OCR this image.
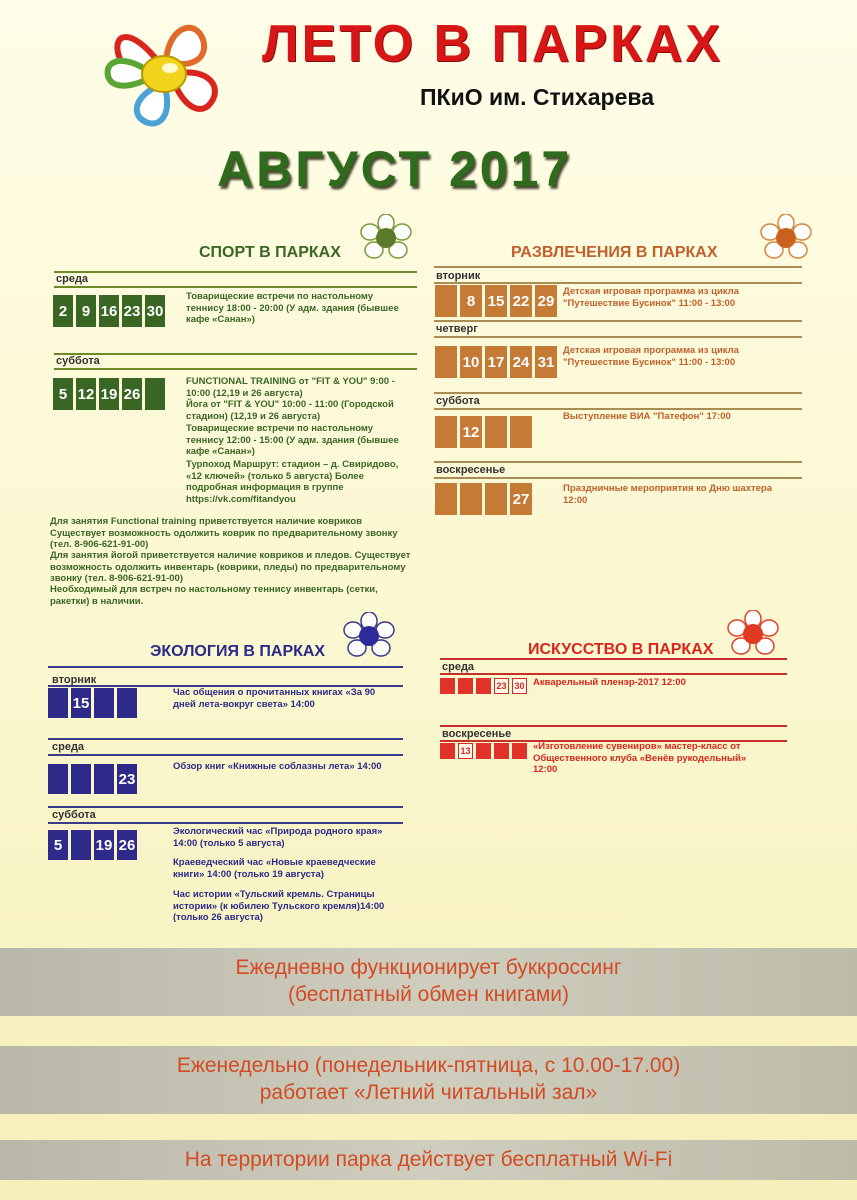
ЛЕТО В ПАРКАХ
ПКиО им. Стихарева
АВГУСТ 2017
СПОРТ В ПАРКАХ
среда
2 9 16 23 30
Товарищеские встречи по настольному теннису 18:00 - 20:00 (У адм. здания (бывшее кафе «Санан»)
суббота
5 12 19 26
FUNCTIONAL TRAINING от "FIT & YOU" 9:00 - 10:00 (12,19 и 26 августа)
Йога от "FIT & YOU" 10:00 - 11:00 (Городской стадион) (12,19 и 26 августа)
Товарищеские встречи по настольному теннису 12:00 - 15:00 (У адм. здания (бывшее кафе «Санан»)
Турпоход Маршрут: стадион – д. Свиридово, «12 ключей» (только 5 августа) Более подробная информация в группе https://vk.com/fitandyou
Для занятия Functional training приветствуется наличие ковриков Существует возможность одолжить коврик по предварительному звонку (тел. 8-906-621-91-00)
Для занятия йогой приветствуется наличие ковриков и пледов. Существует возможность одолжить инвентарь (коврики, пледы) по предварительному звонку (тел. 8-906-621-91-00)
Необходимый для встреч по настольному теннису инвентарь (сетки, ракетки) в наличии.
РАЗВЛЕЧЕНИЯ В ПАРКАХ
вторник
8 15 22 29
Детская игровая программа из цикла "Путешествие Бусинок" 11:00 - 13:00
четверг
10 17 24 31
Детская игровая программа из цикла "Путешествие Бусинок" 11:00 - 13:00
суббота
12
Выступление ВИА "Патефон" 17:00
воскресенье
27
Праздничные мероприятия ко Дню шахтера 12:00
ЭКОЛОГИЯ В ПАРКАХ
вторник
15
Час общения о прочитанных книгах «За 90 дней лета-вокруг света» 14:00
среда
23
Обзор книг «Книжные соблазны лета» 14:00
суббота
5	19 26
Экологический час «Природа родного края» 14:00 (только 5 августа)
Краеведческий час «Новые краеведческие книги» 14:00 (только 19 августа)
Час истории «Тульский кремль. Страницы истории» (к юбилею Тульского кремля)14:00 (только 26 августа)
ИСКУССТВО В ПАРКАХ
среда
23 30 Акварельный пленэр-2017 12:00
воскресенье
13	«Изготовление сувениров» мастер-класс от Общественного клуба «Венёв рукодельный» 12:00
Ежедневно функционирует буккроссинг
(бесплатный обмен книгами)
Еженедельно (понедельник-пятница, с 10.00-17.00)
работает «Летний читальный зал»
На территории парка действует бесплатный Wi-Fi
